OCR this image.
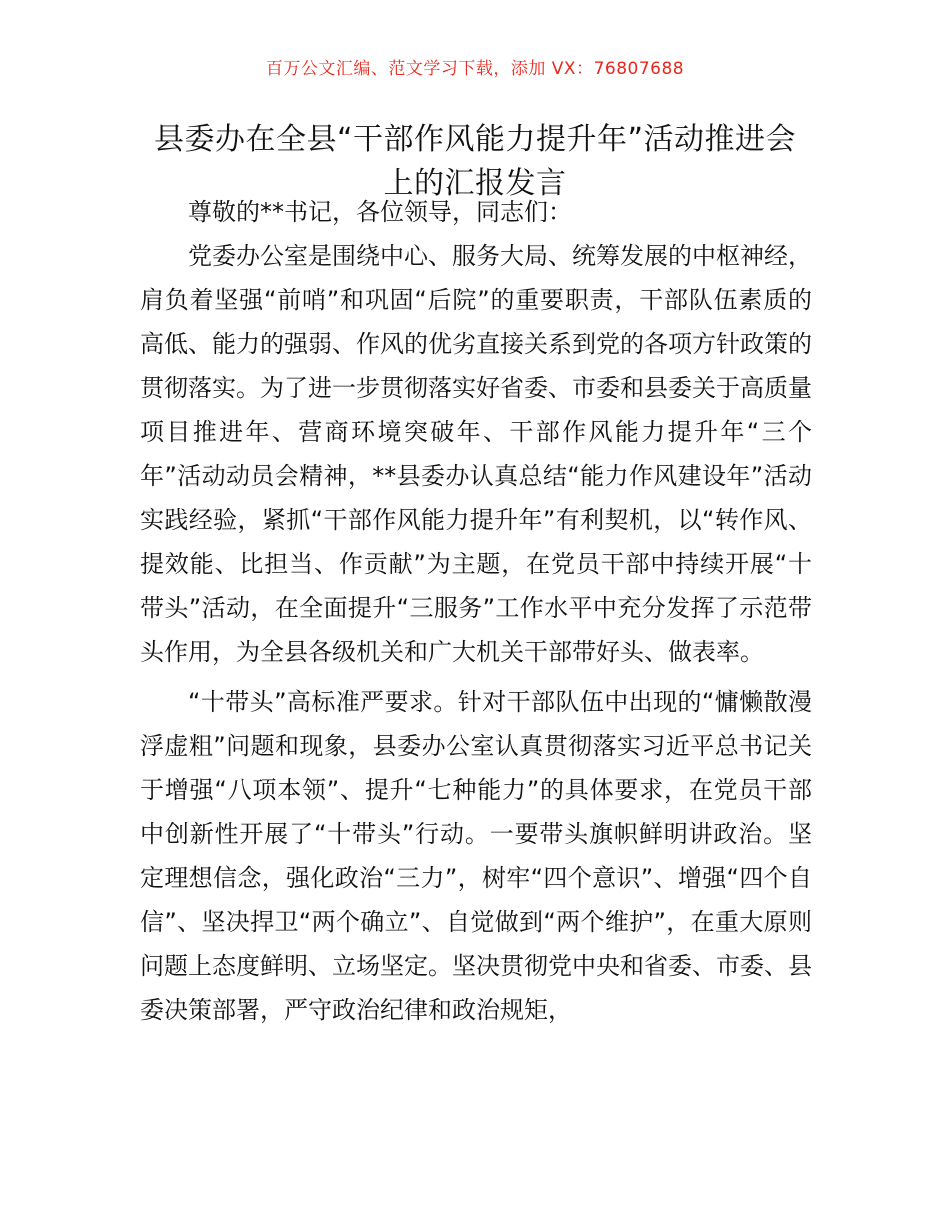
百万公文汇编、范文学习下载，添加 VX：76807688
县委办在全县“干部作风能力提升年”活动推进会上的汇报发言

尊敬的**书记，各位领导，同志们：

党委办公室是围绕中心、服务大局、统筹发展的中枢神经，肩负着坚强“前哨”和巩固“后院”的重要职责，干部队伍素质的高低、能力的强弱、作风的优劣直接关系到党的各项方针政策的贯彻落实。为了进一步贯彻落实好省委、市委和县委关于高质量项目推进年、营商环境突破年、干部作风能力提升年“三个年”活动动员会精神，**县委办认真总结“能力作风建设年”活动实践经验，紧抓“干部作风能力提升年”有利契机，以“转作风、提效能、比担当、作贡献”为主题，在党员干部中持续开展“十带头”活动，在全面提升“三服务”工作水平中充分发挥了示范带头作用，为全县各级机关和广大机关干部带好头、做表率。

“十带头”高标准严要求。针对干部队伍中出现的“慵懒散漫浮虚粗”问题和现象，县委办公室认真贯彻落实习近平总书记关于增强“八项本领”、提升“七种能力”的具体要求，在党员干部中创新性开展了“十带头”行动。一要带头旗帜鲜明讲政治。坚定理想信念，强化政治“三力”，树牢“四个意识”、增强“四个自信”、坚决捍卫“两个确立”、自觉做到“两个维护”，在重大原则问题上态度鲜明、立场坚定。坚决贯彻党中央和省委、市委、县委决策部署，严守政治纪律和政治规矩，
